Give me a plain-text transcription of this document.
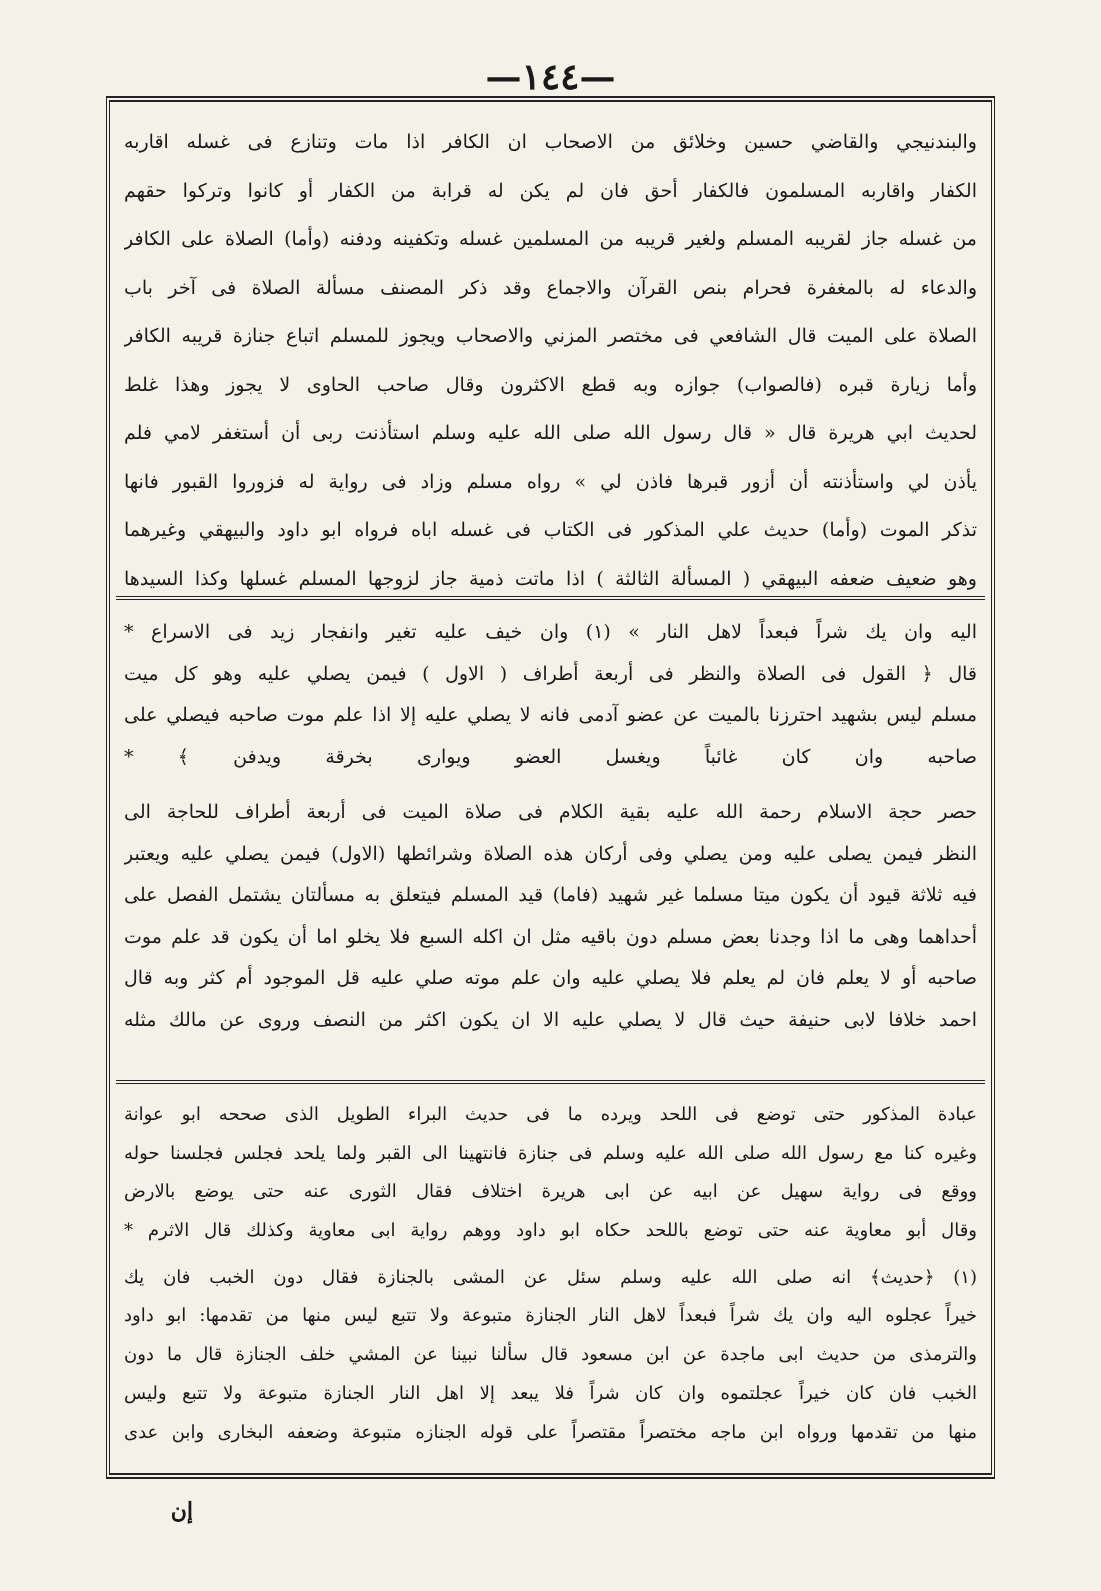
—١٤٤—
والبندنيجي والقاضي حسين وخلائق من الاصحاب ان الكافر اذا مات وتنازع فى غسله اقاربه
الكفار واقاربه المسلمون فالكفار أحق فان لم يكن له قرابة من الكفار أو كانوا وتركوا حقهم
من غسله جاز لقريبه المسلم ولغير قريبه من المسلمين غسله وتكفينه ودفنه (وأما) الصلاة على الكافر
والدعاء له بالمغفرة فحرام بنص القرآن والاجماع وقد ذكر المصنف مسألة الصلاة فى آخر باب
الصلاة على الميت قال الشافعي فى مختصر المزني والاصحاب ويجوز للمسلم اتباع جنازة قريبه الكافر
وأما زيارة قبره (فالصواب) جوازه وبه قطع الاكثرون وقال صاحب الحاوى لا يجوز وهذا غلط
لحديث ابي هريرة قال « قال رسول الله صلى الله عليه وسلم استأذنت ربى أن أستغفر لامي فلم
يأذن لي واستأذنته أن أزور قبرها فاذن لي » رواه مسلم وزاد فى رواية له فزوروا القبور فانها
تذكر الموت (وأما) حديث علي المذكور فى الكتاب فى غسله اباه فرواه ابو داود والبيهقي وغيرهما
وهو ضعيف ضعفه البيهقي ( المسألة الثالثة ) اذا ماتت ذمية جاز لزوجها المسلم غسلها وكذا السيدها
اليه وان يك شراً فبعداً لاهل النار » (١) وان خيف عليه تغير وانفجار زيد فى الاسراع *
قال ﴿ القول فى الصلاة والنظر فى أربعة أطراف ( الاول ) فيمن يصلي عليه وهو كل ميت
مسلم ليس بشهيد احترزنا بالميت عن عضو آدمى فانه لا يصلي عليه إلا اذا علم موت صاحبه فيصلي على
صاحبه وان كان غائباً ويغسل العضو ويوارى بخرقة ويدفن ﴾ *
حصر حجة الاسلام رحمة الله عليه بقية الكلام فى صلاة الميت فى أربعة أطراف للحاجة الى
النظر فيمن يصلى عليه ومن يصلي وفى أركان هذه الصلاة وشرائطها (الاول) فيمن يصلي عليه ويعتبر
فيه ثلاثة قيود أن يكون ميتا مسلما غير شهيد (فاما) قيد المسلم فيتعلق به مسألتان يشتمل الفصل على
أحداهما وهى ما اذا وجدنا بعض مسلم دون باقيه مثل ان اكله السبع فلا يخلو اما أن يكون قد علم موت
صاحبه أو لا يعلم فان لم يعلم فلا يصلي عليه وان علم موته صلي عليه قل الموجود أم كثر وبه قال
احمد خلافا لابى حنيفة حيث قال لا يصلي عليه الا ان يكون اكثر من النصف وروى عن مالك مثله
عبادة المذكور حتى توضع فى اللحد ويرده ما فى حديث البراء الطويل الذى صححه ابو عوانة
وغيره كنا مع رسول الله صلى الله عليه وسلم فى جنازة فانتهينا الى القبر ولما يلحد فجلس فجلسنا حوله
ووقع فى رواية سهيل عن ابيه عن ابى هريرة اختلاف فقال الثورى عنه حتى يوضع بالارض
وقال أبو معاوية عنه حتى توضع باللحد حكاه ابو داود ووهم رواية ابى معاوية وكذلك قال الاثرم *
(١) ﴿حديث﴾ انه صلى الله عليه وسلم سئل عن المشى بالجنازة فقال دون الخبب فان يك
خيراً عجلوه اليه وان يك شراً فبعداً لاهل النار الجنازة متبوعة ولا تتبع ليس منها من تقدمها: ابو داود
والترمذى من حديث ابى ماجدة عن ابن مسعود قال سألنا نبينا عن المشي خلف الجنازة قال ما دون
الخبب فان كان خيراً عجلتموه وان كان شراً فلا يبعد إلا اهل النار الجنازة متبوعة ولا تتبع وليس
منها من تقدمها ورواه ابن ماجه مختصراً مقتصراً على قوله الجنازه متبوعة وضعفه البخارى وابن عدى
إن
